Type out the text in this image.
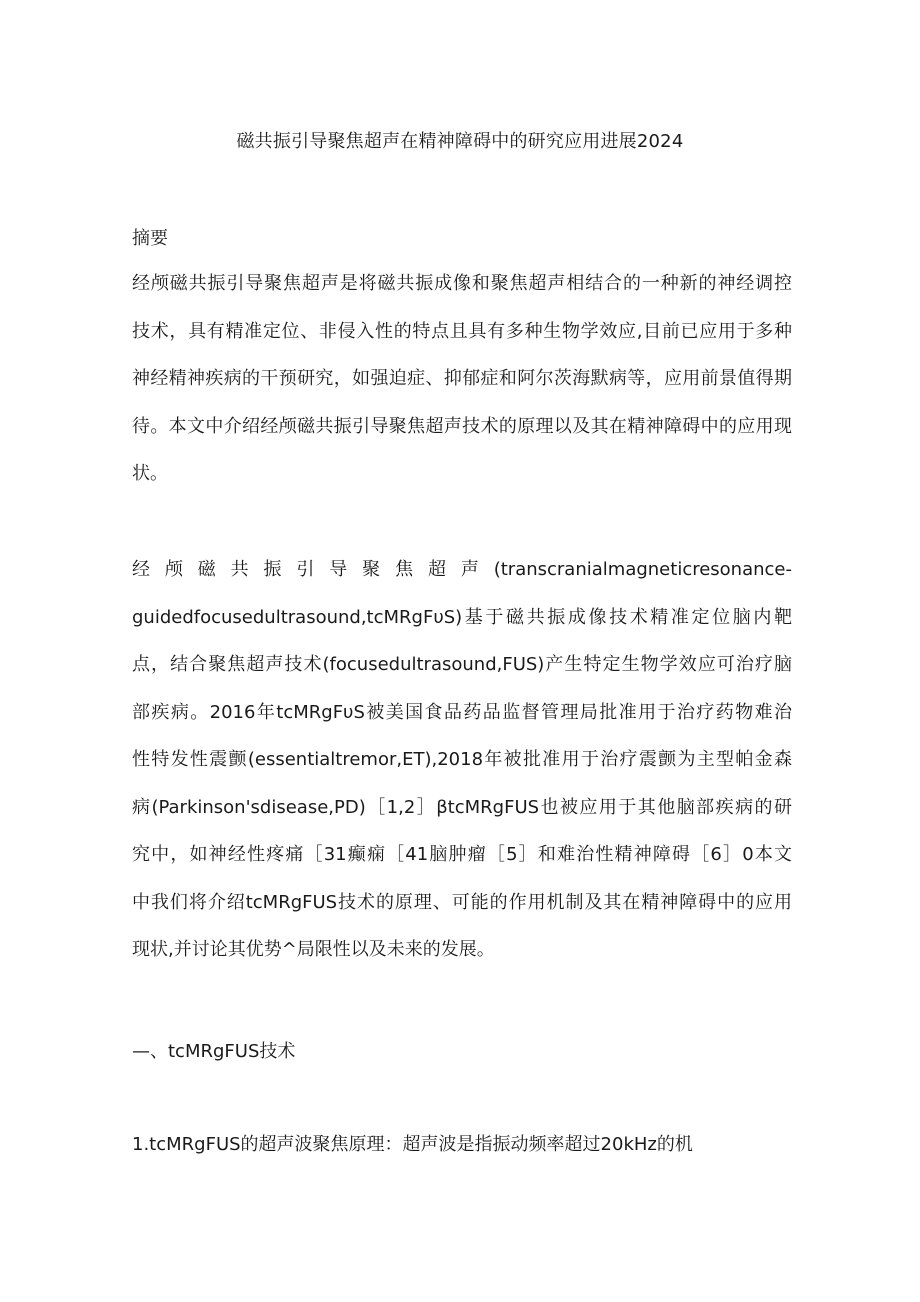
磁共振引导聚焦超声在精神障碍中的研究应用进展2024
摘要
经颅磁共振引导聚焦超声是将磁共振成像和聚焦超声相结合的一种新的神经调控
技术，具有精准定位、非侵入性的特点且具有多种生物学效应,目前已应用于多种
神经精神疾病的干预研究，如强迫症、抑郁症和阿尔茨海默病等，应用前景值得期
待。本文中介绍经颅磁共振引导聚焦超声技术的原理以及其在精神障碍中的应用现
状。
经 颅 磁 共 振 引 导 聚 焦 超 声 (transcranialmagneticresonance-
guidedfocusedultrasound,tcMRgFυS)基于磁共振成像技术精准定位脑内靶
点，结合聚焦超声技术(focusedultrasound,FUS)产生特定生物学效应可治疗脑
部疾病。2016年tcMRgFυS被美国食品药品监督管理局批准用于治疗药物难治
性特发性震颤(essentialtremor,ET),2018年被批准用于治疗震颤为主型帕金森
病(Parkinson'sdisease,PD)［1,2］βtcMRgFUS也被应用于其他脑部疾病的研
究中，如神经性疼痛［31癫痫［41脑肿瘤［5］和难治性精神障碍［6］0本文
中我们将介绍tcMRgFUS技术的原理、可能的作用机制及其在精神障碍中的应用
现状,并讨论其优势^局限性以及未来的发展。
—、tcMRgFUS技术
1.tcMRgFUS的超声波聚焦原理：超声波是指振动频率超过20kHz的机
